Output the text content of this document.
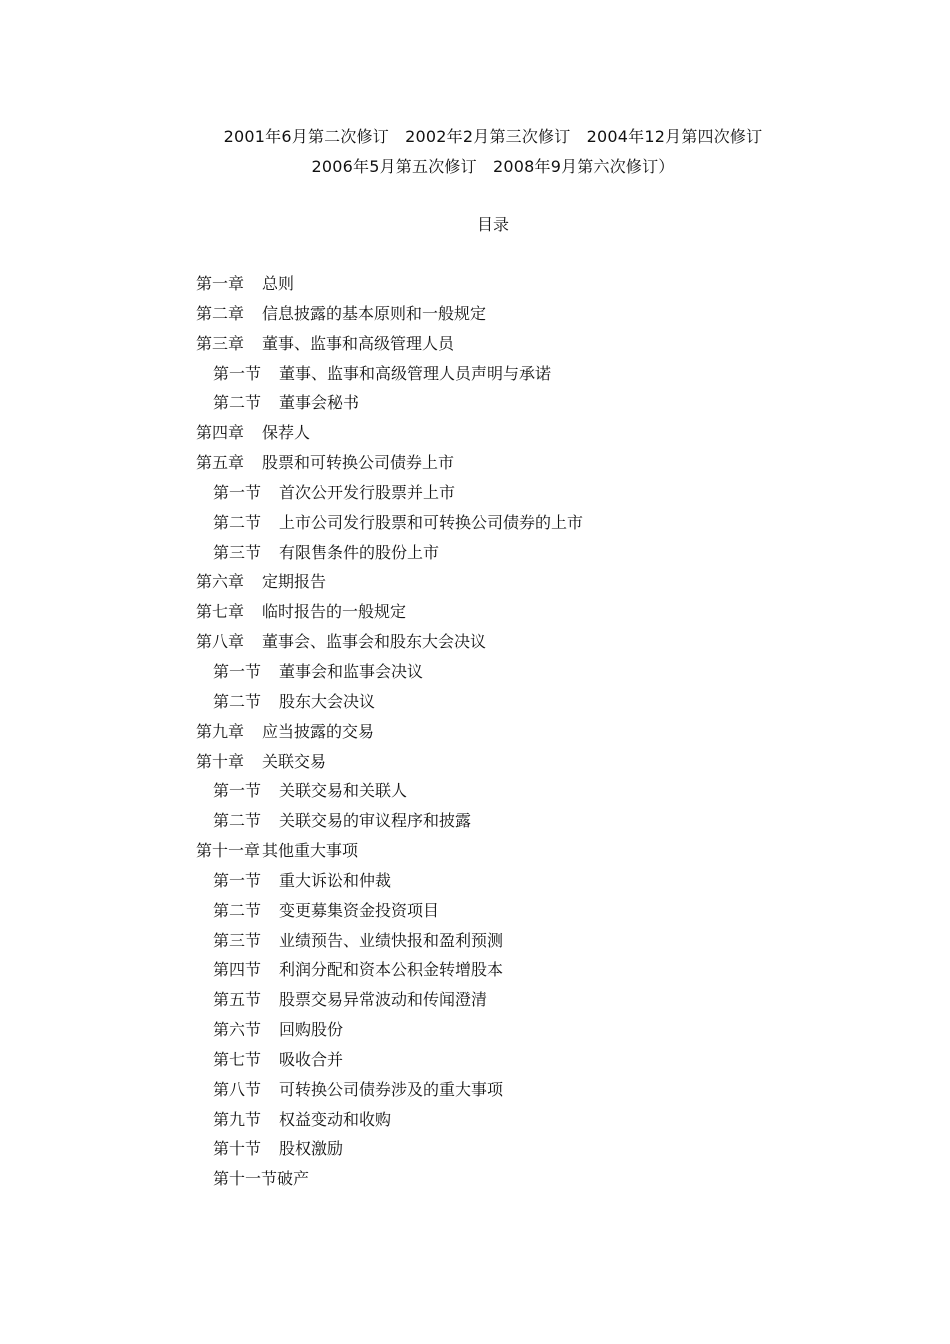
2001年6月第二次修订　2002年2月第三次修订　2004年12月第四次修订
2006年5月第五次修订　2008年9月第六次修订）
目录
第一章 总则
第二章 信息披露的基本原则和一般规定
第三章 董事、监事和高级管理人员
第一节 董事、监事和高级管理人员声明与承诺
第二节 董事会秘书
第四章 保荐人
第五章 股票和可转换公司债券上市
第一节 首次公开发行股票并上市
第二节 上市公司发行股票和可转换公司债券的上市
第三节 有限售条件的股份上市
第六章 定期报告
第七章 临时报告的一般规定
第八章 董事会、监事会和股东大会决议
第一节 董事会和监事会决议
第二节 股东大会决议
第九章 应当披露的交易
第十章 关联交易
第一节 关联交易和关联人
第二节 关联交易的审议程序和披露
第十一章 其他重大事项
第一节 重大诉讼和仲裁
第二节 变更募集资金投资项目
第三节 业绩预告、业绩快报和盈利预测
第四节 利润分配和资本公积金转增股本
第五节 股票交易异常波动和传闻澄清
第六节 回购股份
第七节 吸收合并
第八节 可转换公司债券涉及的重大事项
第九节 权益变动和收购
第十节 股权激励
第十一节破产
